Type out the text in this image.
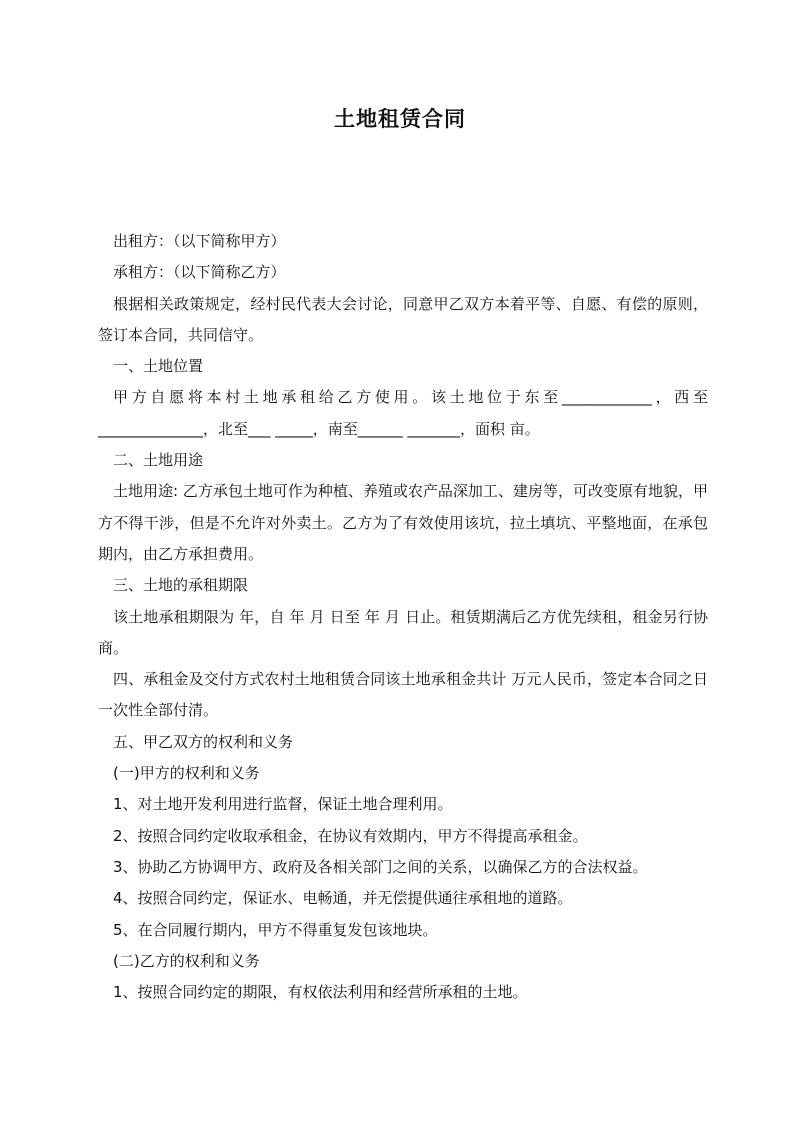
土地租赁合同

出租方：（以下简称甲方）

承租方：（以下简称乙方）

根据相关政策规定，经村民代表大会讨论，同意甲乙双方本着平等、自愿、有偿的原则，签订本合同，共同信守。

一、土地位置

甲方自愿将本村土地承租给乙方使用。该土地位于东至____________，西至______________，北至___ _____，南至______ _______，面积 亩。

二、土地用途

土地用途: 乙方承包土地可作为种植、养殖或农产品深加工、建房等，可改变原有地貌，甲方不得干涉，但是不允许对外卖土。乙方为了有效使用该坑，拉土填坑、平整地面，在承包期内，由乙方承担费用。

三、土地的承租期限

该土地承租期限为 年，自 年 月 日至 年 月 日止。租赁期满后乙方优先续租，租金另行协商。

四、承租金及交付方式农村土地租赁合同该土地承租金共计 万元人民币，签定本合同之日一次性全部付清。

五、甲乙双方的权利和义务

(一)甲方的权利和义务

1、对土地开发利用进行监督，保证土地合理利用。

2、按照合同约定收取承租金，在协议有效期内，甲方不得提高承租金。

3、协助乙方协调甲方、政府及各相关部门之间的关系，以确保乙方的合法权益。

4、按照合同约定，保证水、电畅通，并无偿提供通往承租地的道路。

5、在合同履行期内，甲方不得重复发包该地块。

(二)乙方的权利和义务

1、按照合同约定的期限，有权依法利用和经营所承租的土地。
